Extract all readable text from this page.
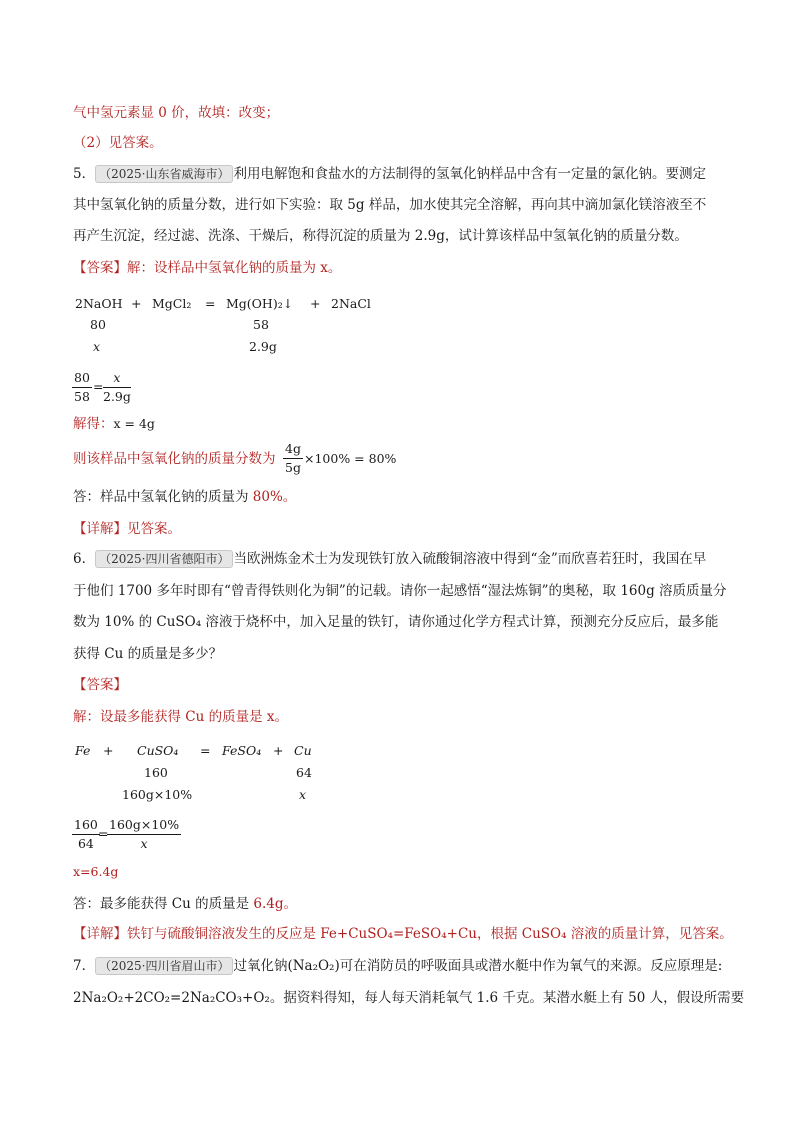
气中氢元素显 0 价，故填：改变；
（2）见答案。
5． （2025·山东省威海市） 利用电解饱和食盐水的方法制得的氢氧化钠样品中含有一定量的氯化钠。要测定
其中氢氧化钠的质量分数，进行如下实验：取 5g 样品，加水使其完全溶解，再向其中滴加氯化镁溶液至不
再产生沉淀，经过滤、洗涤、干燥后，称得沉淀的质量为 2.9g，试计算该样品中氢氧化钠的质量分数。
【答案】解：设样品中氢氧化钠的质量为 x。
2NaOH + MgCl₂ = Mg(OH)₂↓ + 2NaCl
80	58
x	2.9g
$\frac{80}{58} = \frac{x}{2.9g}$
解得：x = 4g
则该样品中氢氧化钠的质量分数为 $\frac{4g}{5g} \times 100\% = 80\%$
答：样品中氢氧化钠的质量为 80%。
【详解】见答案。
6． （2025·四川省德阳市） 当欧洲炼金术士为发现铁钉放入硫酸铜溶液中得到“金”而欣喜若狂时，我国在早
于他们 1700 多年时即有“曾青得铁则化为铜”的记载。请你一起感悟“湿法炼铜”的奥秘，取 160g 溶质质量分
数为 10% 的 CuSO₄ 溶液于烧杯中，加入足量的铁钉，请你通过化学方程式计算，预测充分反应后，最多能
获得 Cu 的质量是多少？
【答案】
解：设最多能获得 Cu 的质量是 x。
Fe + CuSO₄ = FeSO₄ + Cu
160	64
160g×10%	x
$\frac{160}{64}$
=
$\frac{160g\times 10\%}{x}$
x=6.4g
答：最多能获得 Cu 的质量是 6.4g。
【详解】铁钉与硫酸铜溶液发生的反应是 Fe+CuSO₄=FeSO₄+Cu，根据 CuSO₄ 溶液的质量计算，见答案。
7． （2025·四川省眉山市） 过氧化钠(Na₂O₂)可在消防员的呼吸面具或潜水艇中作为氧气的来源。反应原理是:
2Na₂O₂+2CO₂=2Na₂CO₃+O₂。据资料得知，每人每天消耗氧气 1.6 千克。某潜水艇上有 50 人，假设所需要
